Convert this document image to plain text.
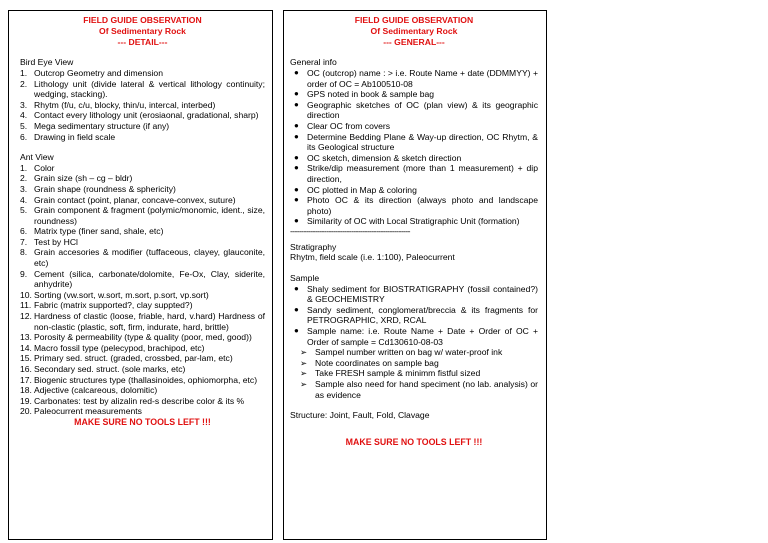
FIELD GUIDE OBSERVATION
Of Sedimentary Rock
--- DETAIL---
Bird Eye View
1. Outcrop Geometry and dimension
2. Lithology unit (divide lateral & vertical lithology continuity; wedging, stacking).
3. Rhytm (f/u, c/u, blocky, thin/u, intercal, interbed)
4. Contact every lithology unit (erosiaonal, gradational, sharp)
5. Mega sedimentary structure (if any)
6. Drawing in field scale
Ant View
1. Color
2. Grain size (sh – cg – bldr)
3. Grain shape (roundness & sphericity)
4. Grain contact (point, planar, concave-convex, suture)
5. Grain component & fragment (polymic/monomic, ident., size, roundness)
6. Matrix type (finer sand, shale, etc)
7. Test by HCl
8. Grain accesories & modifier (tuffaceous, clayey, glauconite, etc)
9. Cement (silica, carbonate/dolomite, Fe-Ox, Clay, siderite, anhydrite)
10. Sorting (vw.sort, w.sort, m.sort, p.sort, vp.sort)
11. Fabric (matrix supported?, clay suppted?)
12. Hardness of clastic (loose, friable, hard, v.hard) Hardness of non-clastic (plastic, soft, firm, indurate, hard, brittle)
13. Porosity & permeability (type & quality (poor, med, good))
14. Macro fossil type (pelecypod, brachipod, etc)
15. Primary sed. struct. (graded, crossbed, par-lam, etc)
16. Secondary sed. struct. (sole marks, etc)
17. Biogenic structures type (thallasinoides, ophiomorpha, etc)
18. Adjective (calcareous, dolomitic)
19. Carbonates: test by alizalin red-s describe color & its %
20. Paleocurrent measurements
MAKE SURE NO TOOLS LEFT !!!
FIELD GUIDE OBSERVATION
Of Sedimentary Rock
--- GENERAL---
General info
● OC (outcrop) name : > i.e. Route Name + date (DDMMYY) + order of OC = Ab100510-08
● GPS noted in book & sample bag
● Geographic sketches of OC (plan view) & its geographic direction
● Clear OC from covers
● Determine Bedding Plane & Way-up direction, OC Rhytm, & its Geological structure
● OC sketch, dimension & sketch direction
● Strike/dip measurement (more than 1 measurement) + dip direction,
● OC plotted in Map & coloring
● Photo OC & its direction (always photo and landscape photo)
● Similarity of OC with Local Stratigraphic Unit (formation)
-----------------------------------------------------
Stratigraphy
Rhytm, field scale (i.e. 1:100), Paleocurrent
Sample
● Shaly sediment for BIOSTRATIGRAPHY (fossil contained?) & GEOCHEMISTRY
● Sandy sediment, conglomerat/breccia & its fragments for PETROGRAPHIC, XRD, RCAL
● Sample name: i.e. Route Name + Date + Order of OC + Order of sample = Cd130610-08-03
➢ Sampel number written on bag w/ water-proof ink
➢ Note coordinates on sample bag
➢ Take FRESH sample & minimm fistful sized
➢ Sample also need for hand speciment (no lab. analysis) or as evidence
Structure: Joint, Fault, Fold, Clavage
MAKE SURE NO TOOLS LEFT !!!
